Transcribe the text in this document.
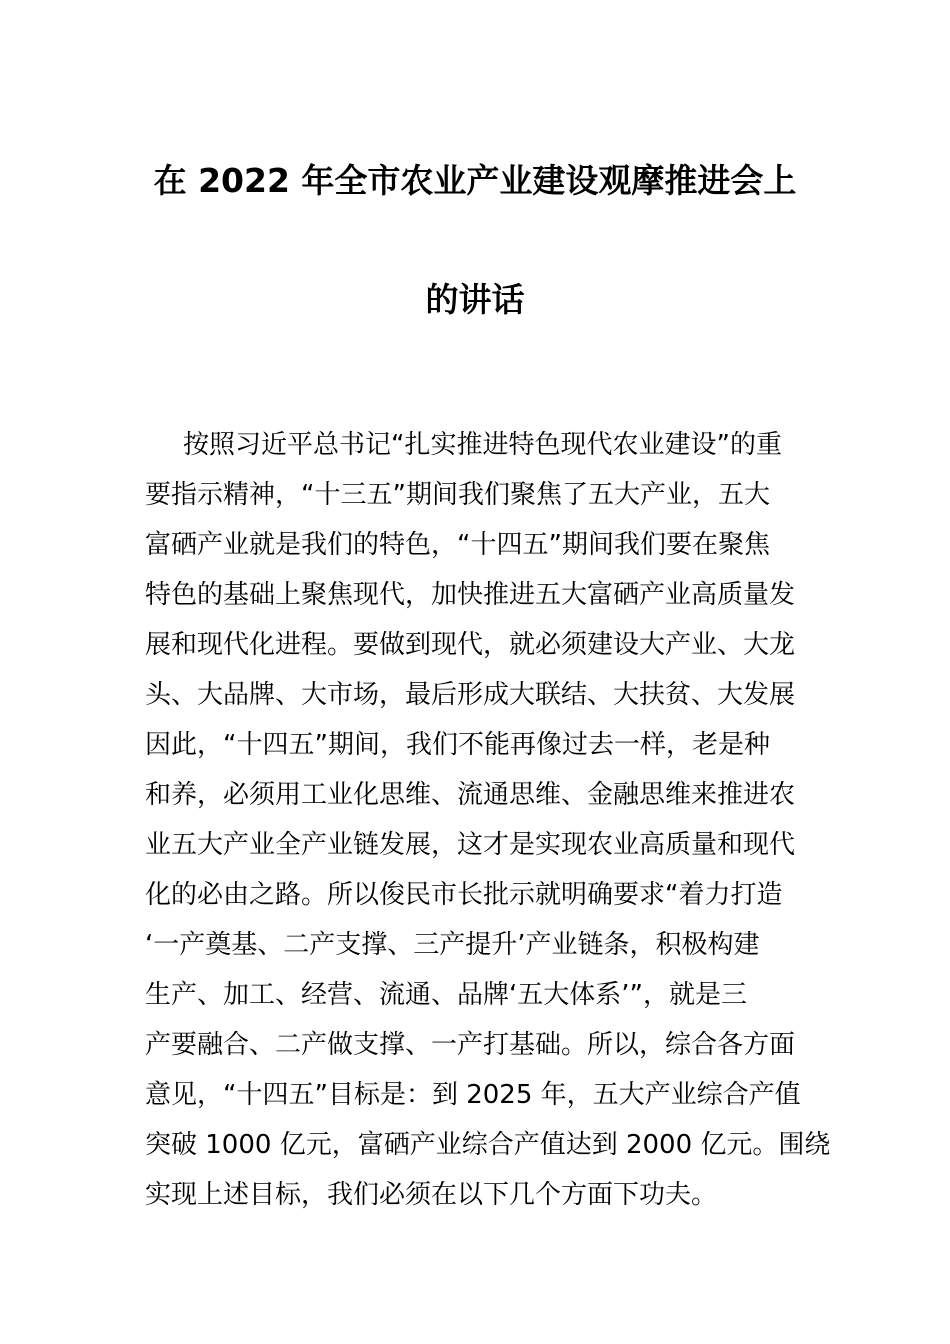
在 2022 年全市农业产业建设观摩推进会上
的讲话
按照习近平总书记“扎实推进特色现代农业建设”的重
要指示精神，“十三五”期间我们聚焦了五大产业，五大
富硒产业就是我们的特色，“十四五”期间我们要在聚焦
特色的基础上聚焦现代，加快推进五大富硒产业高质量发
展和现代化进程。要做到现代，就必须建设大产业、大龙
头、大品牌、大市场，最后形成大联结、大扶贫、大发展
因此，“十四五”期间，我们不能再像过去一样，老是种
和养，必须用工业化思维、流通思维、金融思维来推进农
业五大产业全产业链发展，这才是实现农业高质量和现代
化的必由之路。所以俊民市长批示就明确要求“着力打造
‘一产奠基、二产支撑、三产提升’产业链条，积极构建
生产、加工、经营、流通、品牌‘五大体系’”，就是三
产要融合、二产做支撑、一产打基础。所以，综合各方面
意见，“十四五”目标是：到 2025 年，五大产业综合产值
突破 1000 亿元，富硒产业综合产值达到 2000 亿元。围绕
实现上述目标，我们必须在以下几个方面下功夫。
